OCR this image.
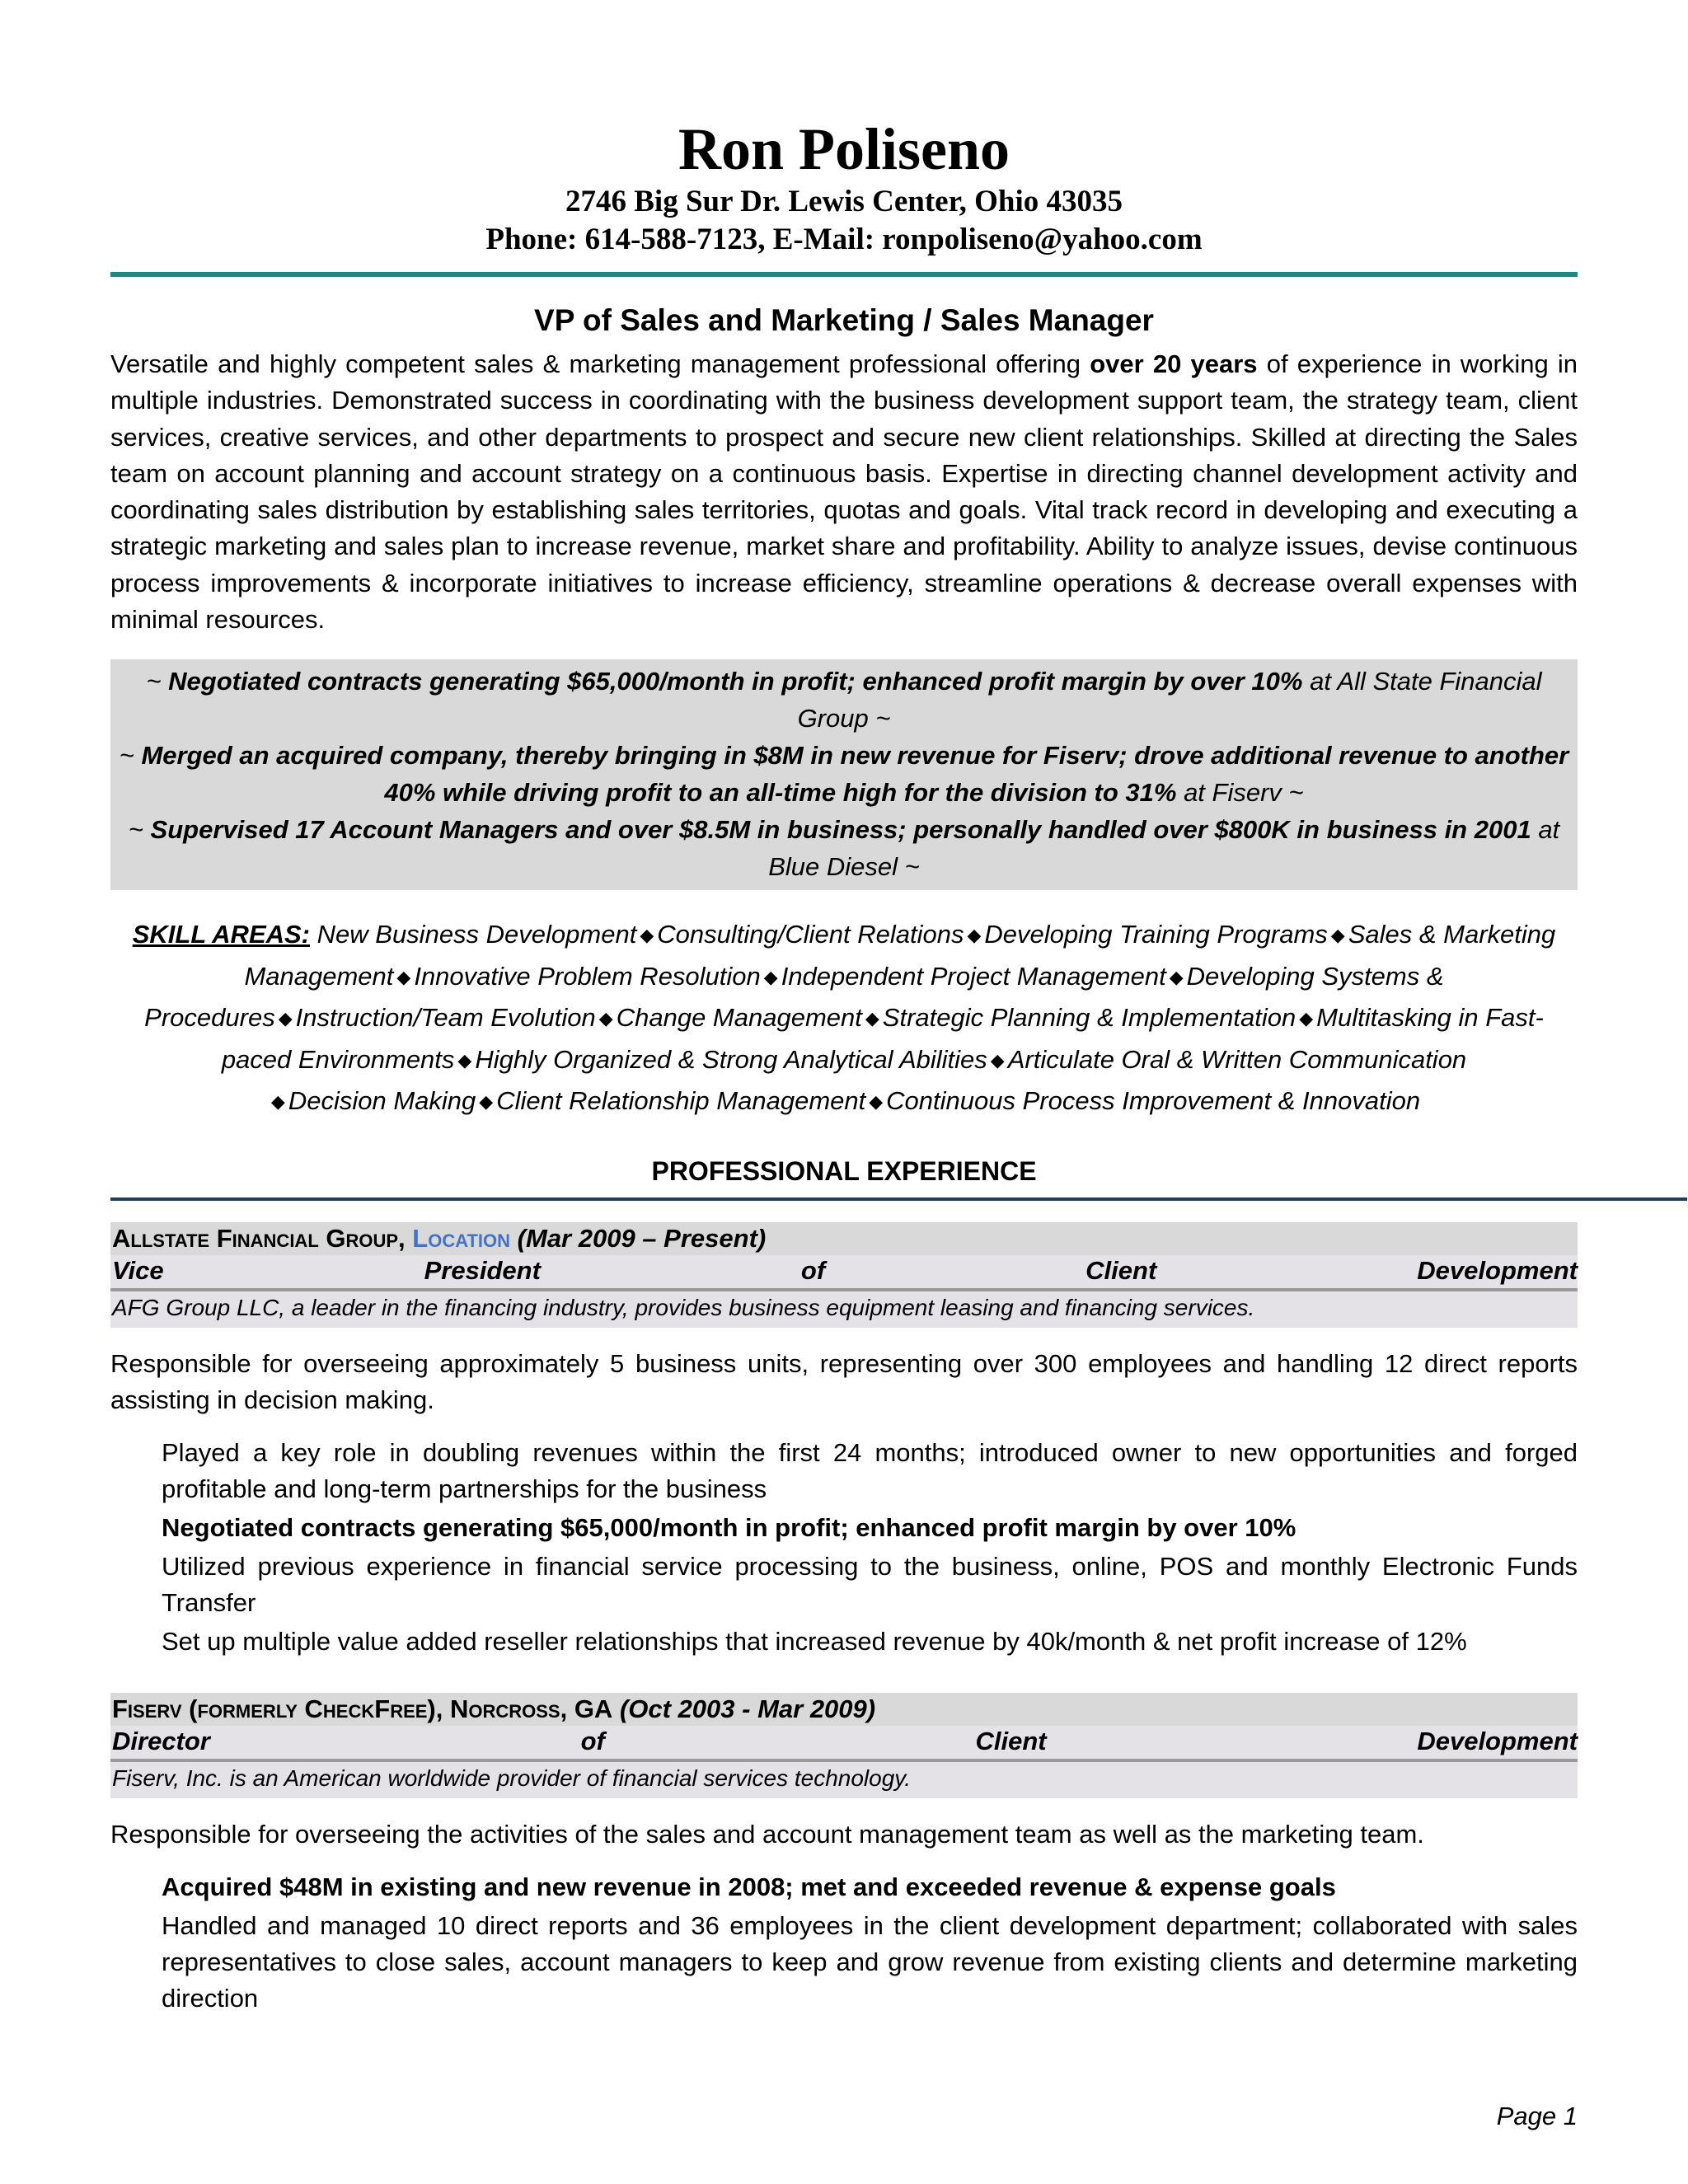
Ron Poliseno
2746 Big Sur Dr. Lewis Center, Ohio 43035
Phone: 614-588-7123, E-Mail: ronpoliseno@yahoo.com
VP of Sales and Marketing / Sales Manager
Versatile and highly competent sales & marketing management professional offering over 20 years of experience in working in multiple industries. Demonstrated success in coordinating with the business development support team, the strategy team, client services, creative services, and other departments to prospect and secure new client relationships. Skilled at directing the Sales team on account planning and account strategy on a continuous basis. Expertise in directing channel development activity and coordinating sales distribution by establishing sales territories, quotas and goals. Vital track record in developing and executing a strategic marketing and sales plan to increase revenue, market share and profitability. Ability to analyze issues, devise continuous process improvements & incorporate initiatives to increase efficiency, streamline operations & decrease overall expenses with minimal resources.
~ Negotiated contracts generating $65,000/month in profit; enhanced profit margin by over 10% at All State Financial Group ~
~ Merged an acquired company, thereby bringing in $8M in new revenue for Fiserv; drove additional revenue to another 40% while driving profit to an all-time high for the division to 31% at Fiserv ~
~ Supervised 17 Account Managers and over $8.5M in business; personally handled over $800K in business in 2001 at Blue Diesel ~
SKILL AREAS: New Business Development ◆ Consulting/Client Relations ◆ Developing Training Programs ◆ Sales & Marketing Management ◆ Innovative Problem Resolution ◆ Independent Project Management ◆ Developing Systems & Procedures ◆ Instruction/Team Evolution ◆ Change Management ◆ Strategic Planning & Implementation ◆ Multitasking in Fast-paced Environments ◆ Highly Organized & Strong Analytical Abilities ◆ Articulate Oral & Written Communication
◆ Decision Making ◆ Client Relationship Management ◆ Continuous Process Improvement & Innovation
PROFESSIONAL EXPERIENCE
Allstate Financial Group, Location (Mar 2009 – Present)
Vice	President	of	Client	Development
AFG Group LLC, a leader in the financing industry, provides business equipment leasing and financing services.
Responsible for overseeing approximately 5 business units, representing over 300 employees and handling 12 direct reports assisting in decision making.
Played a key role in doubling revenues within the first 24 months; introduced owner to new opportunities and forged profitable and long-term partnerships for the business
Negotiated contracts generating $65,000/month in profit; enhanced profit margin by over 10%
Utilized previous experience in financial service processing to the business, online, POS and monthly Electronic Funds Transfer
Set up multiple value added reseller relationships that increased revenue by 40k/month & net profit increase of 12%
Fiserv (formerly CheckFree), Norcross, GA (Oct 2003 - Mar 2009)
Director	of	Client	Development
Fiserv, Inc. is an American worldwide provider of financial services technology.
Responsible for overseeing the activities of the sales and account management team as well as the marketing team.
Acquired $48M in existing and new revenue in 2008; met and exceeded revenue & expense goals
Handled and managed 10 direct reports and 36 employees in the client development department; collaborated with sales representatives to close sales, account managers to keep and grow revenue from existing clients and determine marketing direction
Page 1
